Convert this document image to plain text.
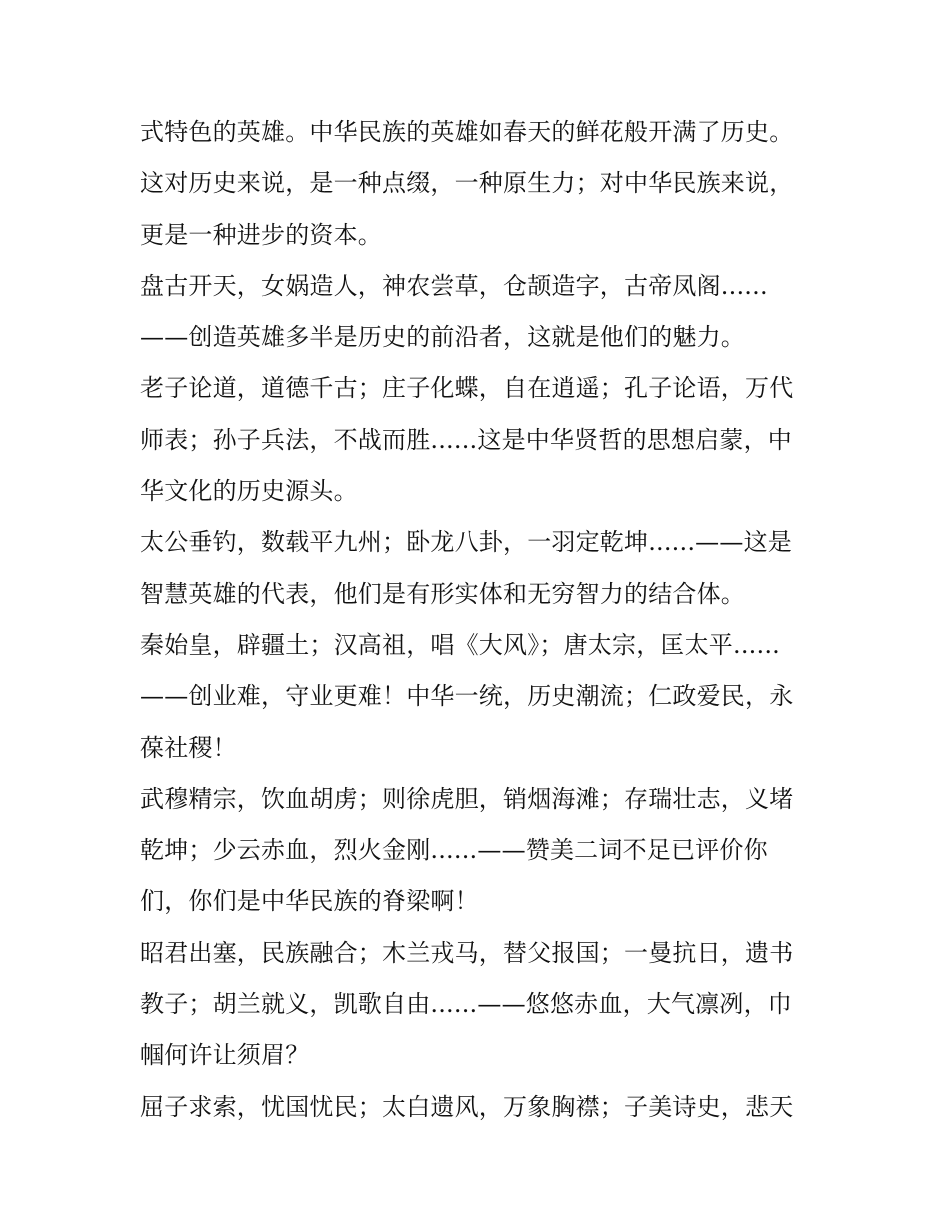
式特色的英雄。中华民族的英雄如春天的鲜花般开满了历史。
这对历史来说，是一种点缀，一种原生力；对中华民族来说，
更是一种进步的资本。
盘古开天，女娲造人，神农尝草，仓颉造字，古帝凤阁......
——创造英雄多半是历史的前沿者，这就是他们的魅力。
老子论道，道德千古；庄子化蝶，自在逍遥；孔子论语，万代
师表；孙子兵法，不战而胜......这是中华贤哲的思想启蒙，中
华文化的历史源头。
太公垂钓，数载平九州；卧龙八卦，一羽定乾坤......——这是
智慧英雄的代表，他们是有形实体和无穷智力的结合体。
秦始皇，辟疆土；汉高祖，唱《大风》；唐太宗，匡太平......
——创业难，守业更难！中华一统，历史潮流；仁政爱民，永
葆社稷！
武穆精宗，饮血胡虏；则徐虎胆，销烟海滩；存瑞壮志，义堵
乾坤；少云赤血，烈火金刚......——赞美二词不足已评价你
们，你们是中华民族的脊梁啊！
昭君出塞，民族融合；木兰戎马，替父报国；一曼抗日，遗书
教子；胡兰就义，凯歌自由......——悠悠赤血，大气凛冽，巾
帼何许让须眉？
屈子求索，忧国忧民；太白遗风，万象胸襟；子美诗史，悲天
